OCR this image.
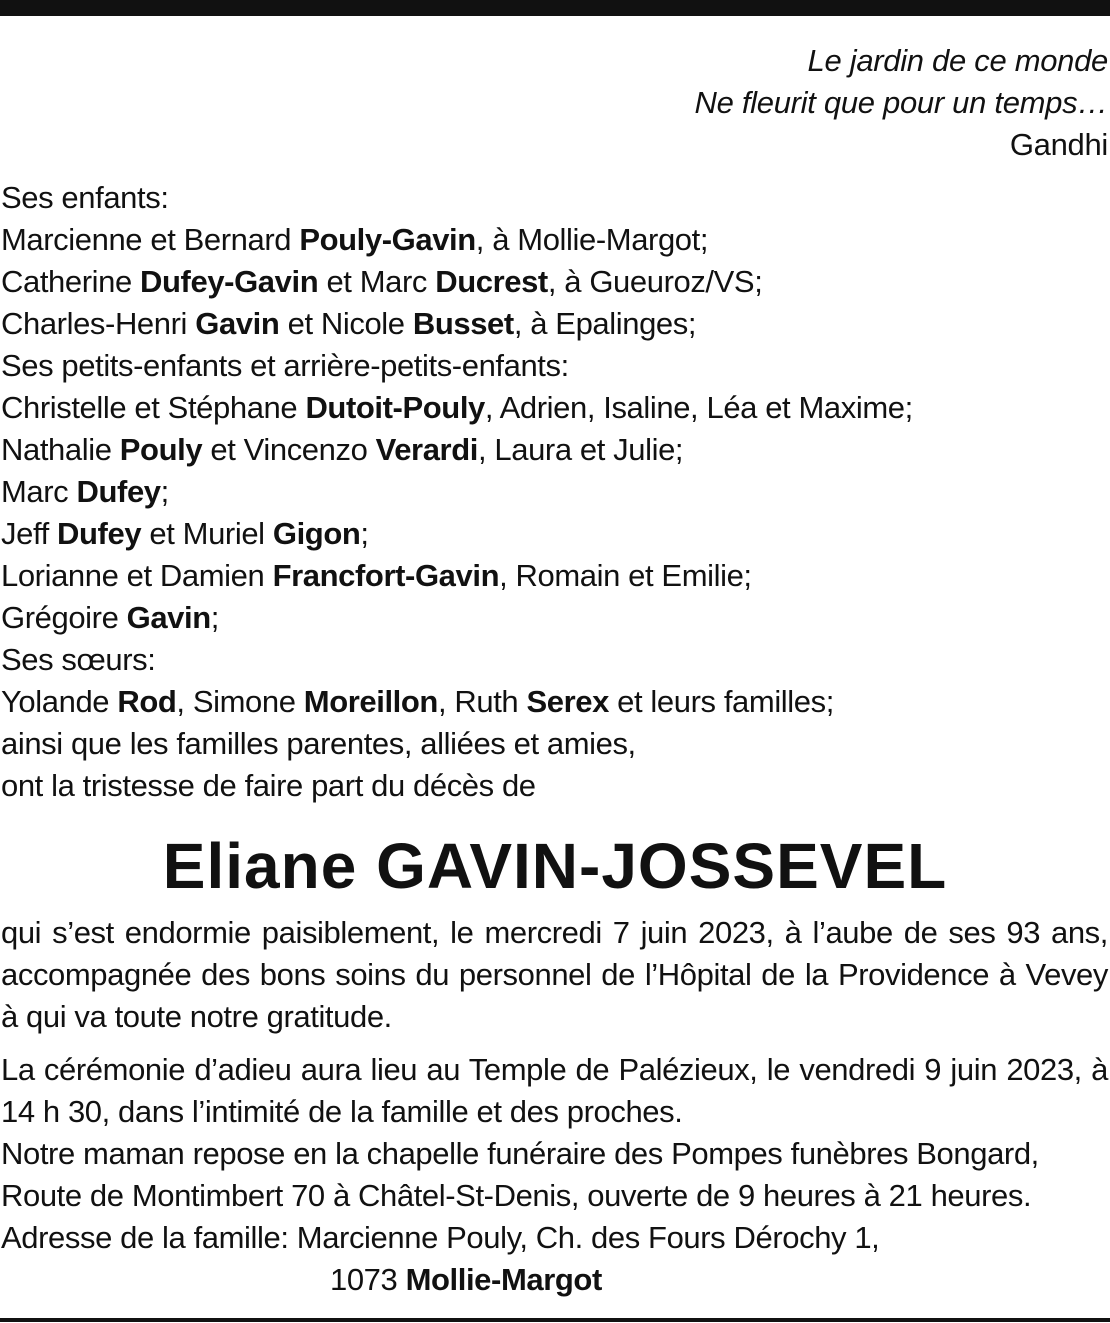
Le jardin de ce monde
Ne fleurit que pour un temps…
Gandhi
Ses enfants:
Marcienne et Bernard Pouly-Gavin, à Mollie-Margot;
Catherine Dufey-Gavin et Marc Ducrest, à Gueuroz/VS;
Charles-Henri Gavin et Nicole Busset, à Epalinges;
Ses petits-enfants et arrière-petits-enfants:
Christelle et Stéphane Dutoit-Pouly, Adrien, Isaline, Léa et Maxime;
Nathalie Pouly et Vincenzo Verardi, Laura et Julie;
Marc Dufey;
Jeff Dufey et Muriel Gigon;
Lorianne et Damien Francfort-Gavin, Romain et Emilie;
Grégoire Gavin;
Ses sœurs:
Yolande Rod, Simone Moreillon, Ruth Serex et leurs familles;
ainsi que les familles parentes, alliées et amies,
ont la tristesse de faire part du décès de
Eliane GAVIN-JOSSEVEL
qui s’est endormie paisiblement, le mercredi 7 juin 2023, à l’aube de ses 93 ans, accompagnée des bons soins du personnel de l’Hôpital de la Providence à Vevey à qui va toute notre gratitude.
La cérémonie d’adieu aura lieu au Temple de Palézieux, le vendredi 9 juin 2023, à 14 h 30, dans l’intimité de la famille et des proches.
Notre maman repose en la chapelle funéraire des Pompes funèbres Bongard,
Route de Montimbert 70 à Châtel-St-Denis, ouverte de 9 heures à 21 heures.
Adresse de la famille: Marcienne Pouly, Ch. des Fours Dérochy 1,
1073 Mollie-Margot
